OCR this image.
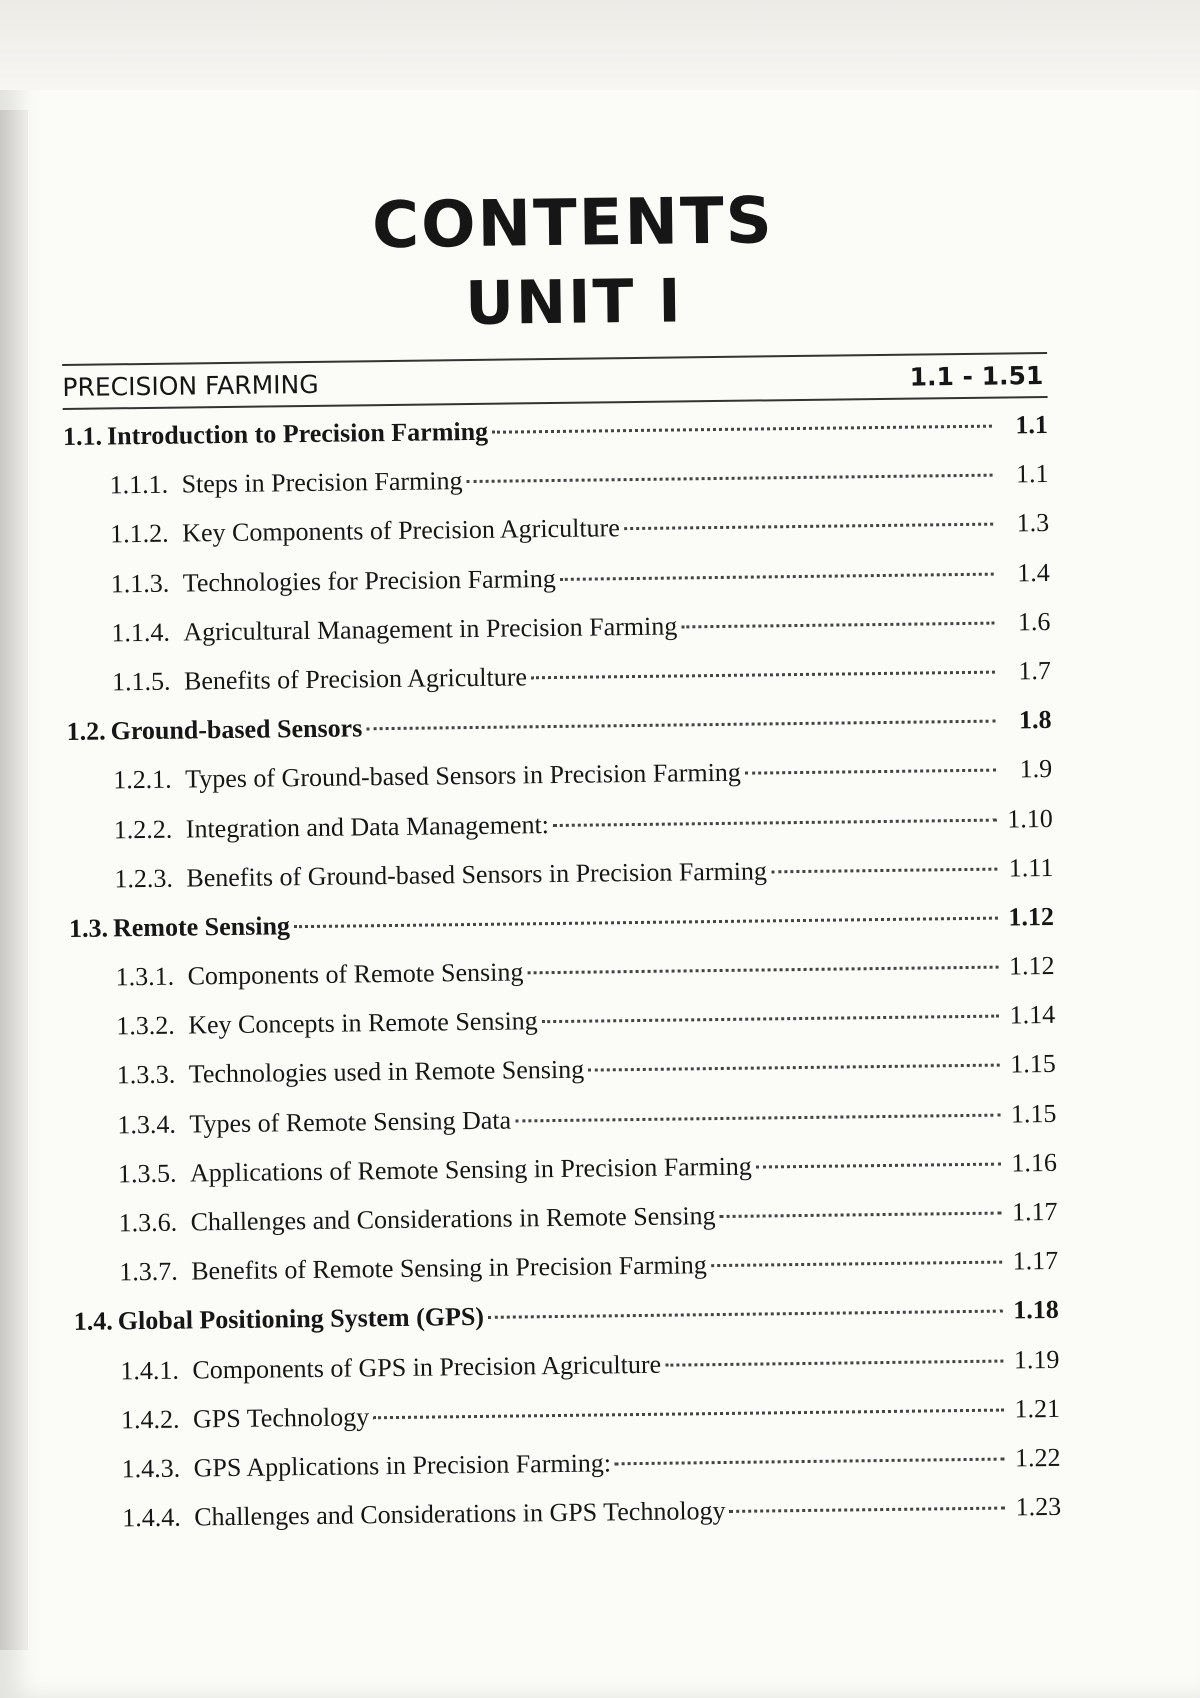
CONTENTS
UNIT I
PRECISION FARMING	1.1 - 1.51
1.1. Introduction to Precision Farming	1.1
1.1.1. Steps in Precision Farming	1.1
1.1.2. Key Components of Precision Agriculture	1.3
1.1.3. Technologies for Precision Farming	1.4
1.1.4. Agricultural Management in Precision Farming	1.6
1.1.5. Benefits of Precision Agriculture	1.7
1.2. Ground-based Sensors	1.8
1.2.1. Types of Ground-based Sensors in Precision Farming	1.9
1.2.2. Integration and Data Management:	1.10
1.2.3. Benefits of Ground-based Sensors in Precision Farming	1.11
1.3. Remote Sensing	1.12
1.3.1. Components of Remote Sensing	1.12
1.3.2. Key Concepts in Remote Sensing	1.14
1.3.3. Technologies used in Remote Sensing	1.15
1.3.4. Types of Remote Sensing Data	1.15
1.3.5. Applications of Remote Sensing in Precision Farming	1.16
1.3.6. Challenges and Considerations in Remote Sensing	1.17
1.3.7. Benefits of Remote Sensing in Precision Farming	1.17
1.4. Global Positioning System (GPS)	1.18
1.4.1. Components of GPS in Precision Agriculture	1.19
1.4.2. GPS Technology	1.21
1.4.3. GPS Applications in Precision Farming:	1.22
1.4.4. Challenges and Considerations in GPS Technology	1.23
